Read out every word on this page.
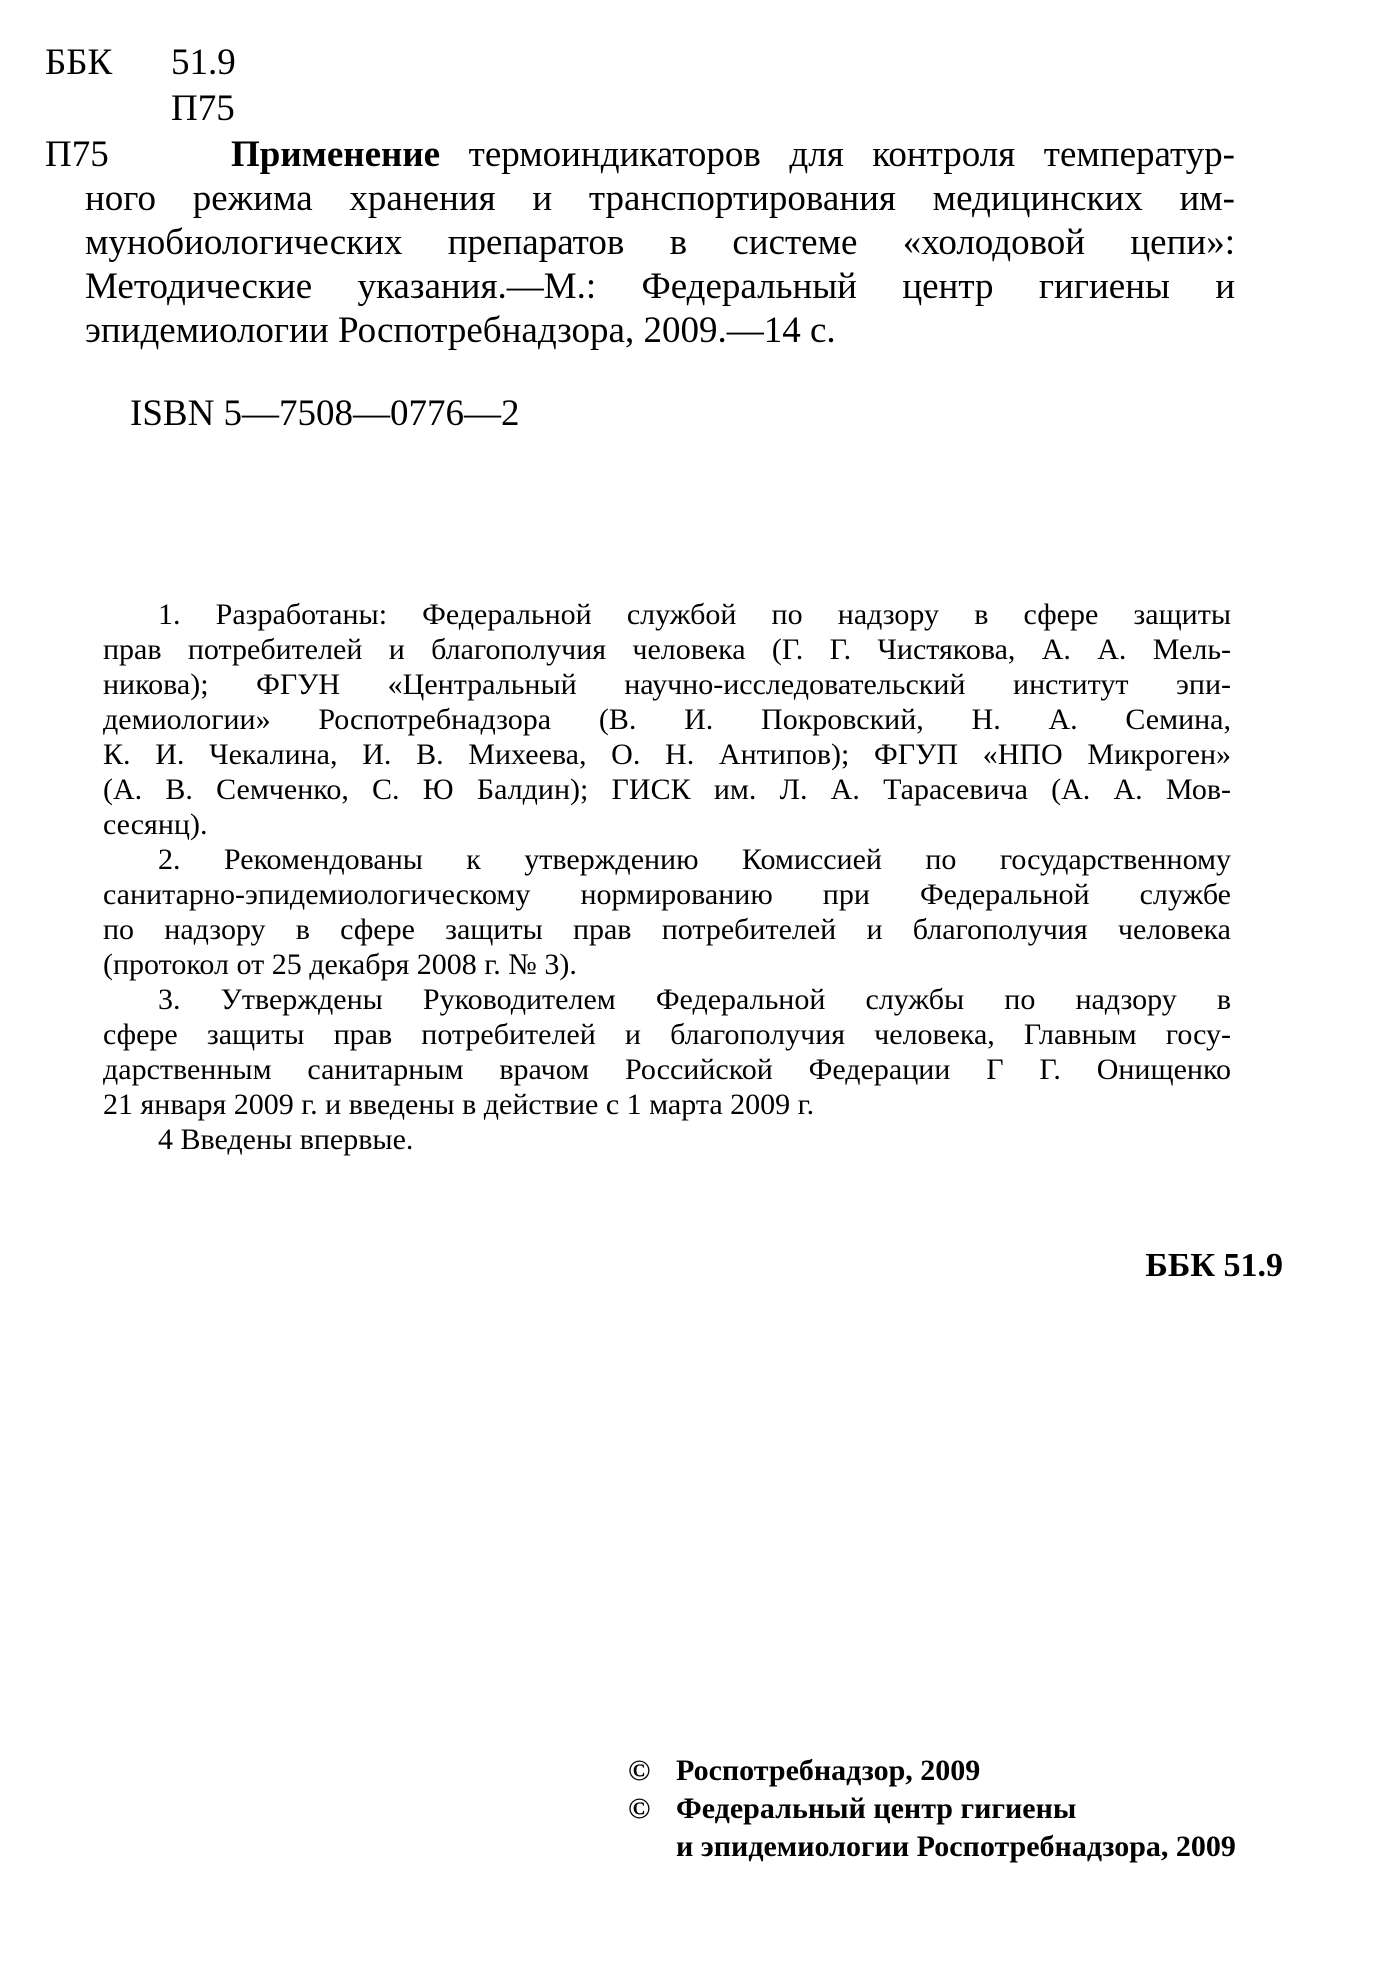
ББК 51.9
П75
П75	Применение термоиндикаторов для контроля температур-
ного режима хранения и транспортирования медицинских им-
мунобиологических препаратов в системе «холодовой цепи»:
Методические указания.—М.: Федеральный центр гигиены и
эпидемиологии Роспотребнадзора, 2009.—14 с.
ISBN 5—7508—0776—2
1. Разработаны: Федеральной службой по надзору в сфере защиты
прав потребителей и благополучия человека (Г. Г. Чистякова, А. А. Мель-
никова); ФГУН «Центральный научно-исследовательский институт эпи-
демиологии» Роспотребнадзора (В. И. Покровский, Н. А. Семина,
К. И. Чекалина, И. В. Михеева, О. Н. Антипов); ФГУП «НПО Микроген»
(А. В. Семченко, С. Ю Балдин); ГИСК им. Л. А. Тарасевича (А. А. Мов-
сесянц).
2. Рекомендованы к утверждению Комиссией по государственному
санитарно-эпидемиологическому нормированию при Федеральной службе
по надзору в сфере защиты прав потребителей и благополучия человека
(протокол от 25 декабря 2008 г. № 3).
3. Утверждены Руководителем Федеральной службы по надзору в
сфере защиты прав потребителей и благополучия человека, Главным госу-
дарственным санитарным врачом Российской Федерации Г Г. Онищенко
21 января 2009 г. и введены в действие с 1 марта 2009 г.
4 Введены впервые.
ББК 51.9
© Роспотребнадзор, 2009
© Федеральный центр гигиены
и эпидемиологии Роспотребнадзора, 2009
